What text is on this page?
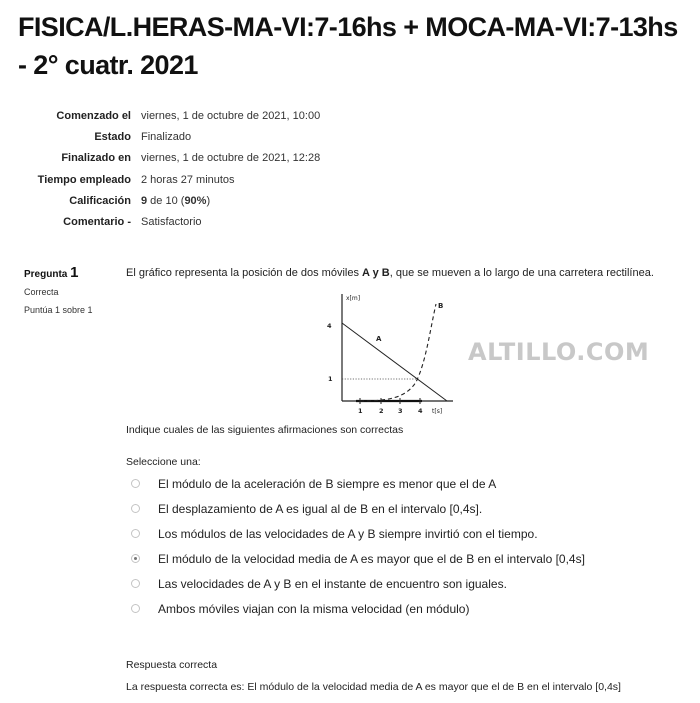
FISICA/L.HERAS-MA-VI:7-16hs + MOCA-MA-VI:7-13hs - 2° cuatr. 2021
Comenzado el viernes, 1 de octubre de 2021, 10:00
Estado Finalizado
Finalizado en viernes, 1 de octubre de 2021, 12:28
Tiempo empleado 2 horas 27 minutos
Calificación 9 de 10 (90%)
Comentario - Satisfactorio
Pregunta 1
Correcta
Puntúa 1 sobre 1
El gráfico representa la posición de dos móviles A y B, que se mueven a lo largo de una carretera rectilínea.
x[m]
t[s]
4
1
1	2 3 4
A
B
ALTILLO.COM
Indique cuales de las siguientes afirmaciones son correctas
Seleccione una:
El módulo de la aceleración de B siempre es menor que el de A
El desplazamiento de A es igual al de B en el intervalo [0,4s].
Los módulos de las velocidades de A y B siempre invirtió con el tiempo.
El módulo de la velocidad media de A es mayor que el de B en el intervalo [0,4s]
Las velocidades de A y B en el instante de encuentro son iguales.
Ambos móviles viajan con la misma velocidad (en módulo)
Respuesta correcta
La respuesta correcta es: El módulo de la velocidad media de A es mayor que el de B en el intervalo [0,4s]
